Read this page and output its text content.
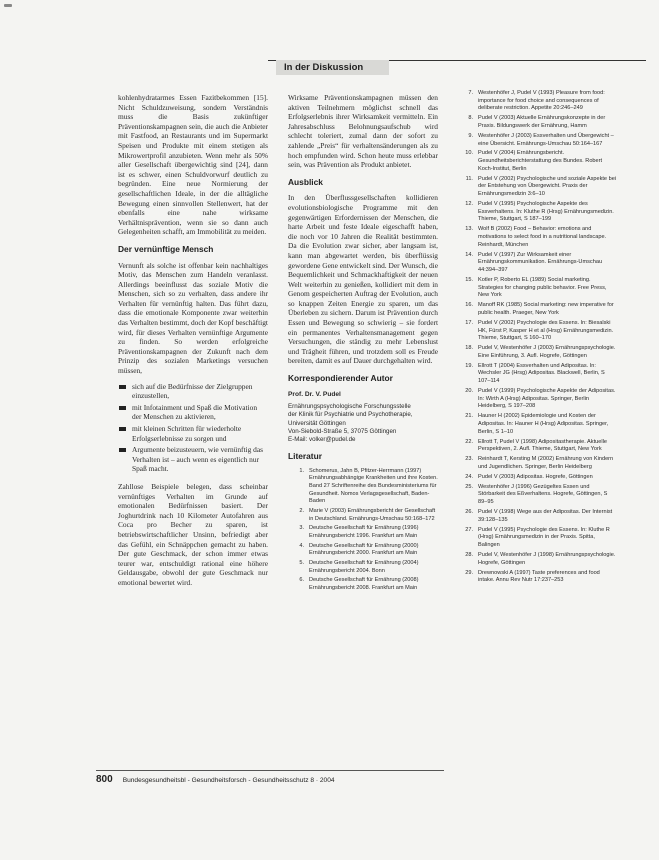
In der Diskussion

kohlenhydratarmes Essen Fazitbekommen [15]. Nicht Schuldzuweisung, sondern Verständnis muss die Basis zukünftiger Präventionskampagnen sein, die auch die Anbieter mit Fastfood, an Restaurants und im Supermarkt Speisen und Produkte mit einem stetigen als Mikrowertprofil anzubieten. Wenn mehr als 50% aller Gesellschaft übergewichtig sind [24], dann ist es schwer, einen Schuldvorwurf deutlich zu begründen. Eine neue Normierung der gesellschaftlichen Ideale, in der die alltägliche Bewegung einen sinnvollen Stellenwert, hat der ebenfalls eine nahe wirksame Verhältnisprävention, wenn sie so dann auch Gelegenheiten schafft, am Immobilität zu meiden.

Der vernünftige Mensch

Vernunft als solche ist offenbar kein nachhaltiges Motiv, das Menschen zum Handeln veranlasst. Allerdings beeinflusst das soziale Motiv die Menschen, sich so zu verhalten, dass andere ihr Verhalten für vernünftig halten. Das führt dazu, dass die emotionale Komponente zwar weiterhin das Verhalten bestimmt, doch der Kopf beschäftigt wird, für dieses Verhalten vernünftige Argumente zu finden. So werden erfolgreiche Präventionskampagnen der Zukunft nach dem Prinzip des sozialen Marketings versuchen müssen,

sich auf die Bedürfnisse der Zielgruppen einzustellen,
mit Infotainment und Spaß die Motivation der Menschen zu aktivieren,
mit kleinen Schritten für wiederholte Erfolgserlebnisse zu sorgen und
Argumente beizusteuern, wie vernünftig das Verhalten ist – auch wenn es eigentlich nur Spaß macht.

Zahllose Beispiele belegen, dass scheinbar vernünftiges Verhalten im Grunde auf emotionalen Bedürfnissen basiert. Der Joghurtdrink nach 10 Kilometer Autofahren aus Coca pro Becher zu sparen, ist betriebswirtschaftlicher Unsinn, befriedigt aber das Gefühl, ein Schnäppchen gemacht zu haben. Der gute Geschmack, der schon immer etwas teurer war, entschuldigt rational eine höhere Geldausgabe, obwohl der gute Geschmack nur emotional bewertet wird.

Wirksame Präventionskampagnen müssen den aktiven Teilnehmern möglichst schnell das Erfolgserlebnis ihrer Wirksamkeit vermitteln. Ein Jahresabschluss Belohnungsaufschub wird schlecht toleriert, zumal dann der sofort zu zahlende „Preis“ für verhaltensänderungen als zu hoch empfunden wird. Schon heute muss erlebbar sein, was Prävention als Produkt anbietet.

Ausblick

In den Überflussgesellschaften kollidieren evolutionsbiologische Programme mit den gegenwärtigen Erfordernissen der Menschen, die harte Arbeit und feste Ideale eigeschafft haben, die noch vor 10 Jahren die Realität bestimmten. Da die Evolution zwar sicher, aber langsam ist, kann man abgewartet werden, bis überflüssig gewordene Gene entwickelt sind. Der Wunsch, die Bequemlichkeit und Schmackhaftigkeit der neuen Welt weiterhin zu genießen, kollidiert mit dem in Genom gespeicherten Auftrag der Evolution, auch so knappen Zeiten Energie zu sparen, um das Überleben zu sichern. Darum ist Prävention durch Essen und Bewegung so schwierig – sie fordert ein permanentes Verhaltensmanagement gegen Versuchungen, die ständig zu mehr Lebenslust und Trägheit führen, und trotzdem soll es Freude bereiten, damit es auf Dauer durchgehalten wird.

Korrespondierender Autor
Prof. Dr. V. Pudel
Ernährungspsychologische Forschungsstelle
der Klinik für Psychiatrie und Psychotherapie,
Universität Göttingen
Von-Siebold-Straße 5, 37075 Göttingen
E-Mail: volker@pudel.de
Literatur
1. Schomerus, Jahn B, Pfitzer-Herrmann (1997) Ernährungsabhängige Krankheiten und ihre Kosten. Band 27 Schriftenreihe des Bundesministeriums für Gesundheit. Nomos Verlagsgesellschaft, Baden-Baden
2. Marie V (2003) Ernährungsbericht der Gesellschaft in Deutschland. Ernährungs-Umschau 50:168–172
3. Deutsche Gesellschaft für Ernährung (1996) Ernährungsbericht 1996. Frankfurt am Main
4. Deutsche Gesellschaft für Ernährung (2000) Ernährungsbericht 2000. Frankfurt am Main
5. Deutsche Gesellschaft für Ernährung (2004) Ernährungsbericht 2004. Bonn
6. Deutsche Gesellschaft für Ernährung (2008) Ernährungsbericht 2008. Frankfurt am Main
7. Westenhöfer J, Pudel V (1993) Pleasure from food: importance for food choice and consequences of deliberate restriction. Appetite 20:246–249
8. Pudel V (2003) Aktuelle Ernährungskonzepte in der Praxis. Bildungswerk der Ernährung, Hamm
9. Westenhöfer J (2003) Essverhalten und Übergewicht – eine Übersicht. Ernährungs-Umschau 50:164–167
10. Pudel V (2004) Ernährungsbericht. Gesundheitsberichterstattung des Bundes. Robert Koch-Institut, Berlin
11. Pudel V (2002) Psychologische und soziale Aspekte bei der Entstehung von Übergewicht. Praxis der Ernährungsmedizin 3:6–10
12. Pudel V (1995) Psychologische Aspekte des Essverhaltens. In: Kluthe R (Hrsg) Ernährungsmedizin. Thieme, Stuttgart, S 187–199
13. Wolf B (2002) Food – Behavior: emotions and motivations to select food in a nutritional landscape. Reinhardt, München
14. Pudel V (1997) Zur Wirksamkeit einer Ernährungskommunikation. Ernährungs-Umschau 44:394–397
15. Kotler P, Roberto EL (1989) Social marketing. Strategies for changing public behavior. Free Press, New York
16. Manoff RK (1985) Social marketing: new imperative for public health. Praeger, New York
17. Pudel V (2002) Psychologie des Essens. In: Biesalski HK, Fürst P, Kasper H et al (Hrsg) Ernährungsmedizin. Thieme, Stuttgart, S 160–170
18. Pudel V, Westenhöfer J (2003) Ernährungspsychologie. Eine Einführung, 3. Aufl. Hogrefe, Göttingen
19. Ellrott T (2004) Essverhalten und Adipositas. In: Wechsler JG (Hrsg) Adipositas. Blackwell, Berlin, S 107–114
20. Pudel V (1999) Psychologische Aspekte der Adipositas. In: Wirth A (Hrsg) Adipositas. Springer, Berlin Heidelberg, S 197–208
21. Hauner H (2002) Epidemiologie und Kosten der Adipositas. In: Hauner H (Hrsg) Adipositas. Springer, Berlin, S 1–10
22. Ellrott T, Pudel V (1998) Adipositastherapie. Aktuelle Perspektiven, 2. Aufl. Thieme, Stuttgart, New York
23. Reinhardt T, Kersting M (2002) Ernährung von Kindern und Jugendlichen. Springer, Berlin Heidelberg
24. Pudel V (2003) Adipositas. Hogrefe, Göttingen
25. Westenhöfer J (1996) Gezügeltes Essen und Störbarkeit des Eßverhaltens. Hogrefe, Göttingen, S 89–95
26. Pudel V (1998) Wege aus der Adipositas. Der Internist 39:128–135
27. Pudel V (1995) Psychologie des Essens. In: Kluthe R (Hrsg) Ernährungsmedizin in der Praxis. Spitta, Balingen
28. Pudel V, Westenhöfer J (1998) Ernährungspsychologie. Hogrefe, Göttingen
29. Drewnowski A (1997) Taste preferences and food intake. Annu Rev Nutr 17:237–253
800 Bundesgesundheitsbl - Gesundheitsforsch - Gesundheitsschutz 8 · 2004
